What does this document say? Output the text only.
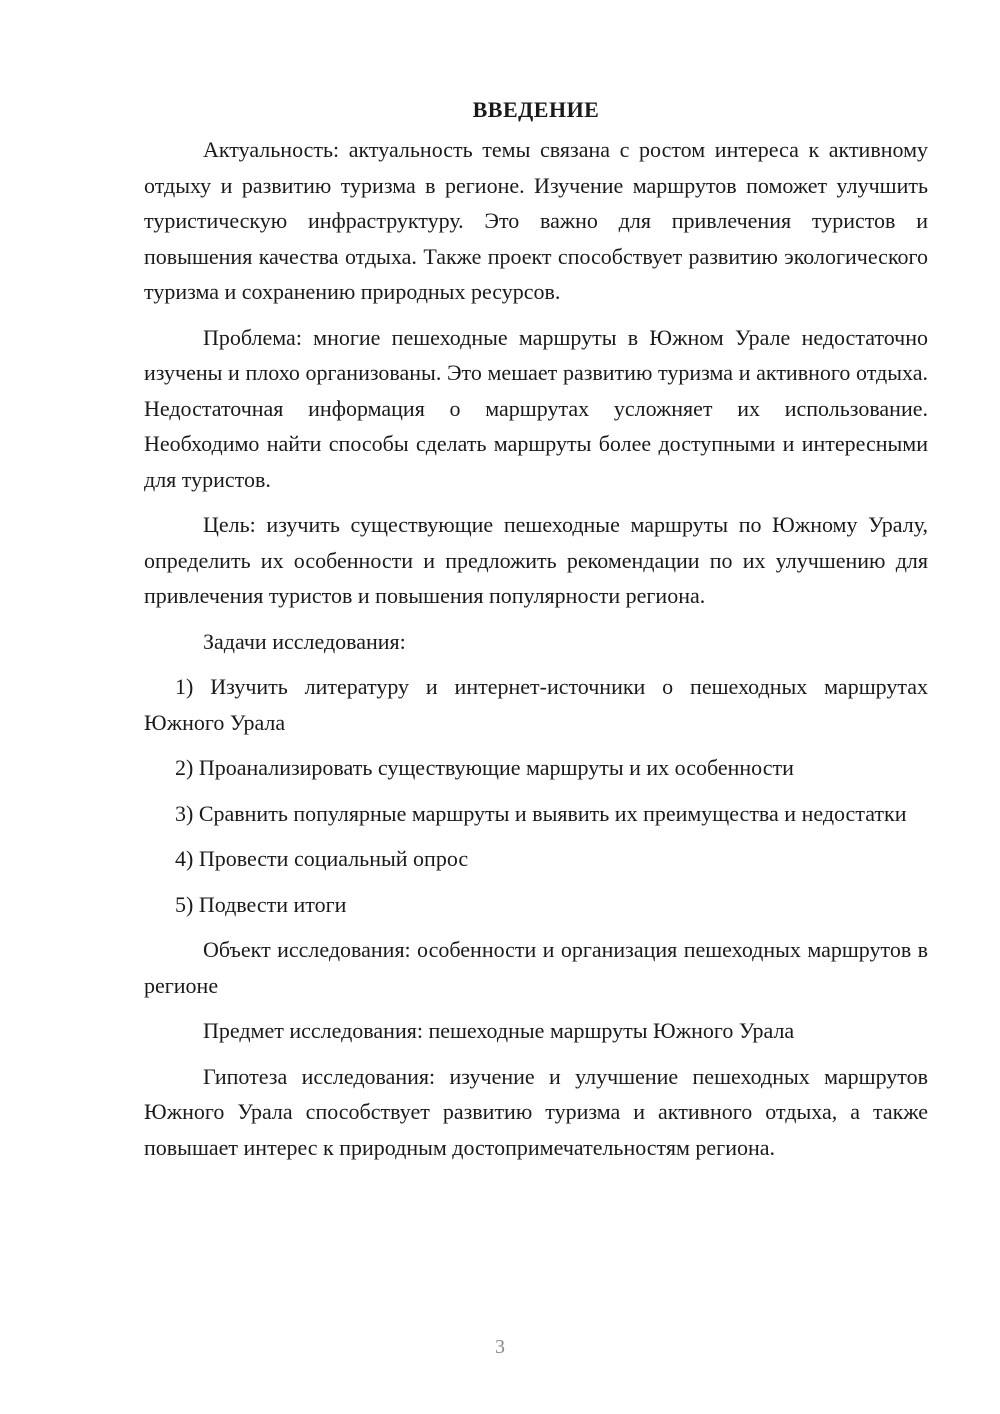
ВВЕДЕНИЕ

Актуальность: актуальность темы связана с ростом интереса к активному отдыху и развитию туризма в регионе. Изучение маршрутов поможет улучшить туристическую инфраструктуру. Это важно для привлечения туристов и повышения качества отдыха. Также проект способствует развитию экологического туризма и сохранению природных ресурсов.

Проблема: многие пешеходные маршруты в Южном Урале недостаточно изучены и плохо организованы. Это мешает развитию туризма и активного отдыха. Недостаточная информация о маршрутах усложняет их использование. Необходимо найти способы сделать маршруты более доступными и интересными для туристов.

Цель: изучить существующие пешеходные маршруты по Южному Уралу, определить их особенности и предложить рекомендации по их улучшению для привлечения туристов и повышения популярности региона.

Задачи исследования:

1) Изучить литературу и интернет-источники о пешеходных маршрутах Южного Урала

2) Проанализировать существующие маршруты и их особенности

3) Сравнить популярные маршруты и выявить их преимущества и недостатки

4) Провести социальный опрос

5) Подвести итоги

Объект исследования: особенности и организация пешеходных маршрутов в регионе

Предмет исследования: пешеходные маршруты Южного Урала

Гипотеза исследования: изучение и улучшение пешеходных маршрутов Южного Урала способствует развитию туризма и активного отдыха, а также повышает интерес к природным достопримечательностям региона.

3
